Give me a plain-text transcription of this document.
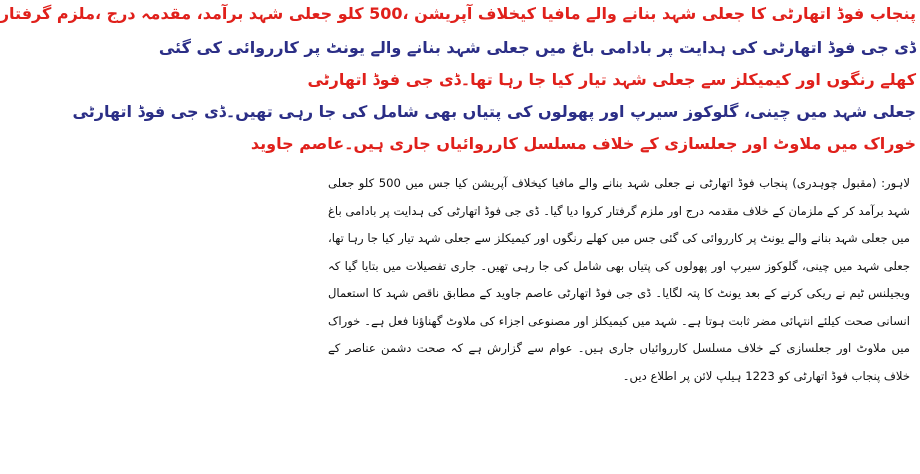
پنجاب فوڈ اتھارٹی کا جعلی شہد بنانے والے مافیا کیخلاف آپریشن ،500 کلو جعلی شہد برآمد، مقدمہ درج ،ملزم گرفتار
ڈی جی فوڈ اتھارٹی کی ہدایت پر بادامی باغ میں جعلی شہد بنانے والے یونٹ پر کارروائی کی گئی
کھلے رنگوں اور کیمیکلز سے جعلی شہد تیار کیا جا رہا تھا۔ڈی جی فوڈ اتھارٹی
جعلی شہد میں چینی، گلوکوز سیرپ اور پھولوں کی پتیاں بھی شامل کی جا رہی تھیں۔ڈی جی فوڈ اتھارٹی
خوراک میں ملاوٹ اور جعلسازی کے خلاف مسلسل کارروائیاں جاری ہیں۔عاصم جاوید

لاہور: (مقبول چوہدری) پنجاب فوڈ اتھارٹی نے جعلی شہد بنانے والے مافیا کیخلاف آپریشن کیا جس میں 500 کلو جعلی شہد برآمد کر کے ملزمان کے خلاف مقدمہ درج اور ملزم گرفتار کروا دیا گیا۔ ڈی جی فوڈ اتھارٹی کی ہدایت پر بادامی باغ میں جعلی شہد بنانے والے یونٹ پر کارروائی کی گئی جس میں کھلے رنگوں اور کیمیکلز سے جعلی شہد تیار کیا جا رہا تھا، جعلی شہد میں چینی، گلوکوز سیرپ اور پھولوں کی پتیاں بھی شامل کی جا رہی تھیں۔ جاری تفصیلات میں بتایا گیا کہ ویجیلنس ٹیم نے ریکی کرنے کے بعد یونٹ کا پتہ لگایا۔ ڈی جی فوڈ اتھارٹی عاصم جاوید کے مطابق ناقص شہد کا استعمال انسانی صحت کیلئے انتہائی مضر ثابت ہوتا ہے۔ شہد میں کیمیکلز اور مصنوعی اجزاء کی ملاوٹ گھناؤنا فعل ہے۔ خوراک میں ملاوٹ اور جعلسازی کے خلاف مسلسل کارروائیاں جاری ہیں۔ عوام سے گزارش ہے کہ صحت دشمن عناصر کے خلاف پنجاب فوڈ اتھارٹی کو 1223 ہیلپ لائن پر اطلاع دیں۔
